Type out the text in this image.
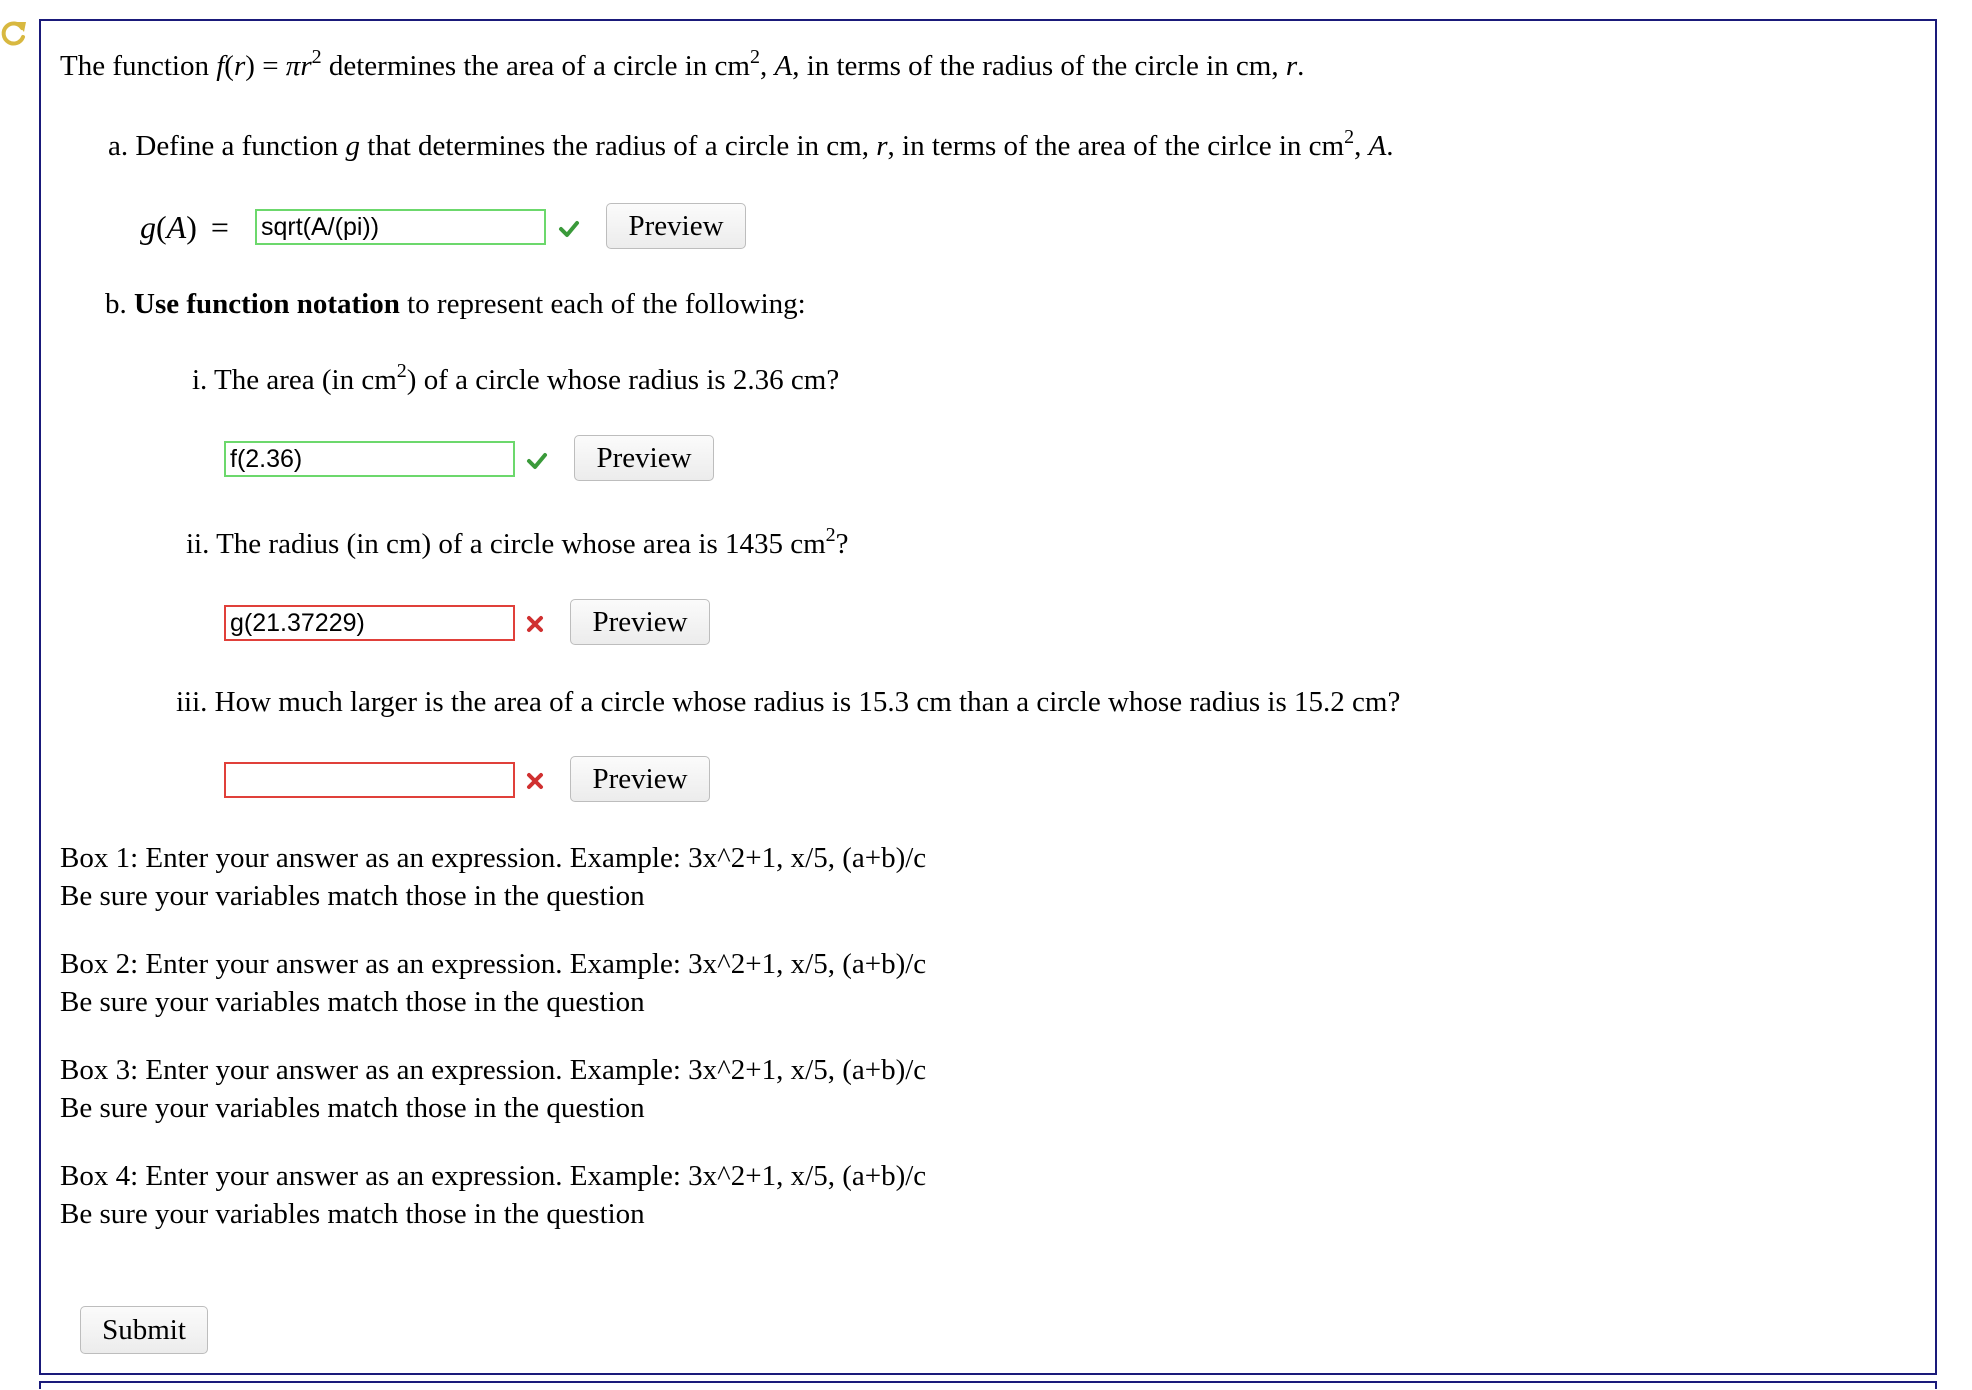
The function $f(r) = \pi r^2$ determines the area of a circle in $cm^2$, A, in terms of the radius of the circle in cm, r.
a. Define a function g that determines the radius of a circle in cm, r, in terms of the area of the cirlce in $cm^2$, A.
g(A) = sqrt(A/(pi))	Preview
b. Use function notation to represent each of the following:
i. The area (in $cm^2$) of a circle whose radius is 2.36 cm?
f(2.36)	Preview
ii. The radius (in cm) of a circle whose area is 1435 $cm^2$?
g(21.37229)	Preview
iii. How much larger is the area of a circle whose radius is 15.3 cm than a circle whose radius is 15.2 cm?
Preview
Box 1: Enter your answer as an expression. Example: 3x^2+1, x/5, (a+b)/c
Be sure your variables match those in the question
Box 2: Enter your answer as an expression. Example: 3x^2+1, x/5, (a+b)/c
Be sure your variables match those in the question
Box 3: Enter your answer as an expression. Example: 3x^2+1, x/5, (a+b)/c
Be sure your variables match those in the question
Box 4: Enter your answer as an expression. Example: 3x^2+1, x/5, (a+b)/c
Be sure your variables match those in the question
Submit
